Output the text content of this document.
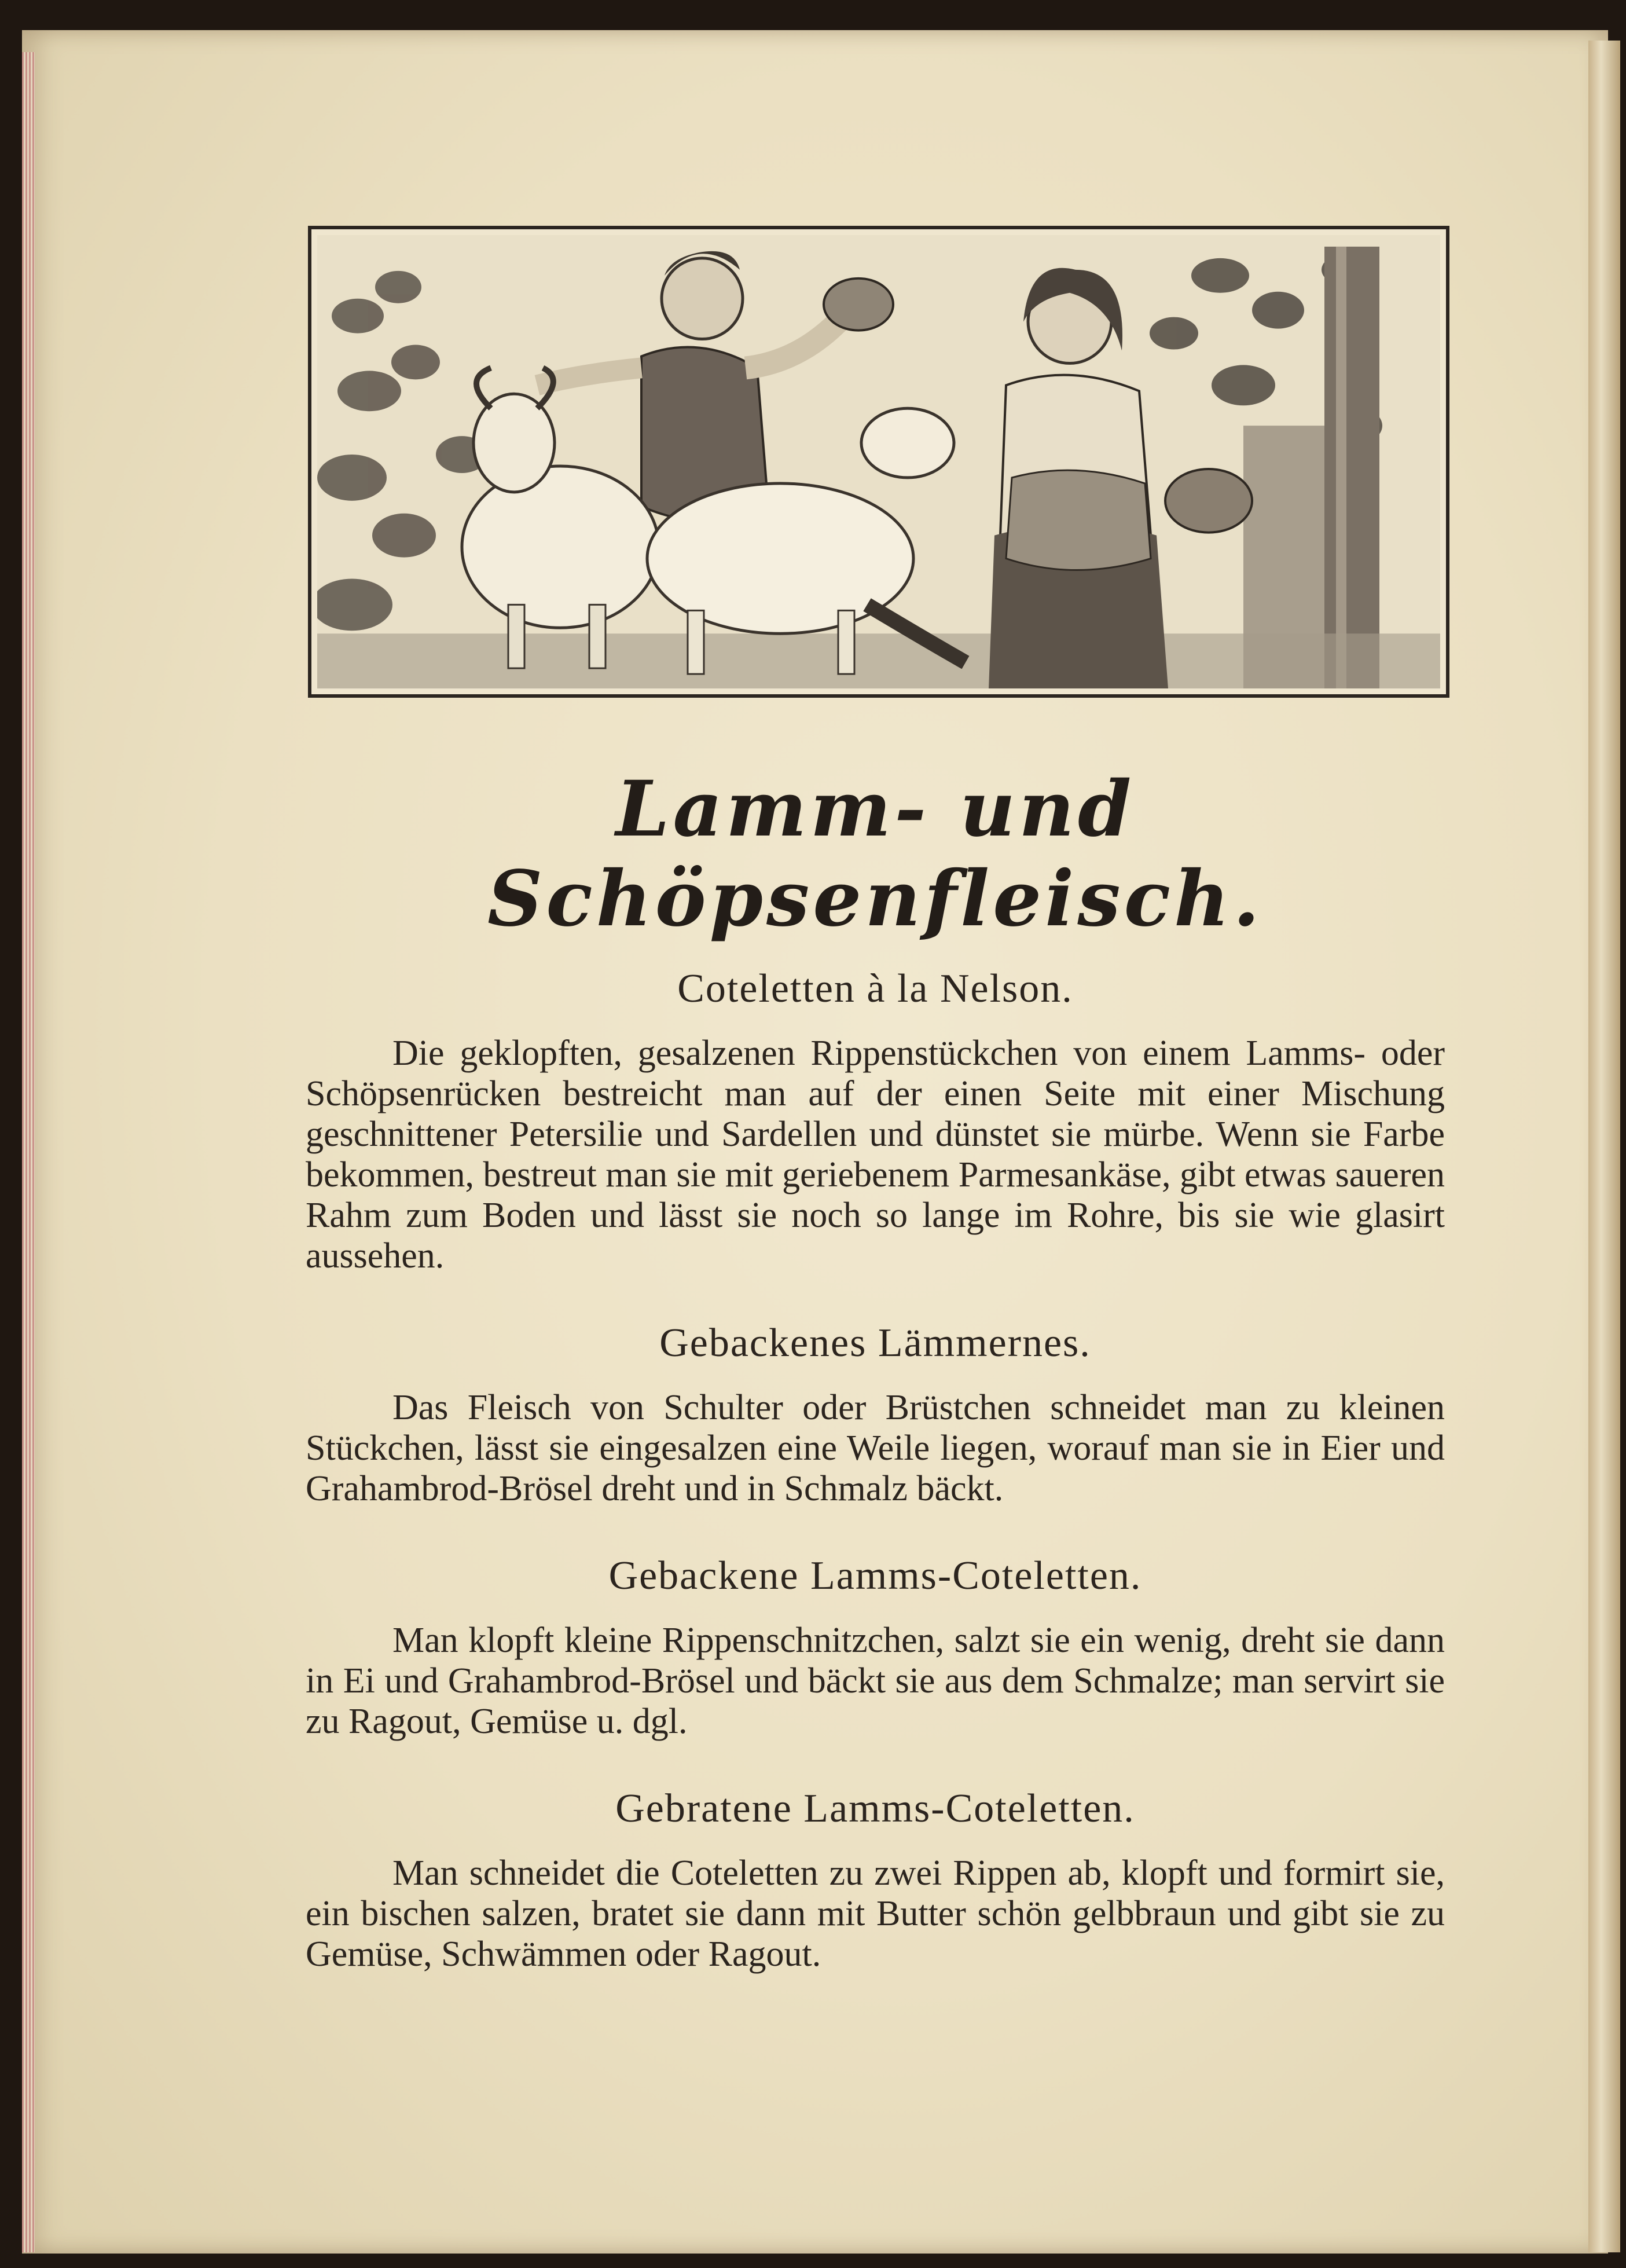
Lamm- und Schöpsenfleisch.
Coteletten à la Nelson.

Die geklopften, gesalzenen Rippenstückchen von einem Lamms- oder Schöpsenrücken bestreicht man auf der einen Seite mit einer Mischung geschnittener Petersilie und Sardellen und dünstet sie mürbe. Wenn sie Farbe bekommen, bestreut man sie mit geriebenem Parmesankäse, gibt etwas saueren Rahm zum Boden und lässt sie noch so lange im Rohre, bis sie wie glasirt aussehen.

Gebackenes Lämmernes.

Das Fleisch von Schulter oder Brüstchen schneidet man zu kleinen Stückchen, lässt sie eingesalzen eine Weile liegen, worauf man sie in Eier und Grahambrod-Brösel dreht und in Schmalz bäckt.

Gebackene Lamms-Coteletten.

Man klopft kleine Rippenschnitzchen, salzt sie ein wenig, dreht sie dann in Ei und Grahambrod-Brösel und bäckt sie aus dem Schmalze; man servirt sie zu Ragout, Gemüse u. dgl.

Gebratene Lamms-Coteletten.

Man schneidet die Coteletten zu zwei Rippen ab, klopft und formirt sie, ein bischen salzen, bratet sie dann mit Butter schön gelbbraun und gibt sie zu Gemüse, Schwämmen oder Ragout.
